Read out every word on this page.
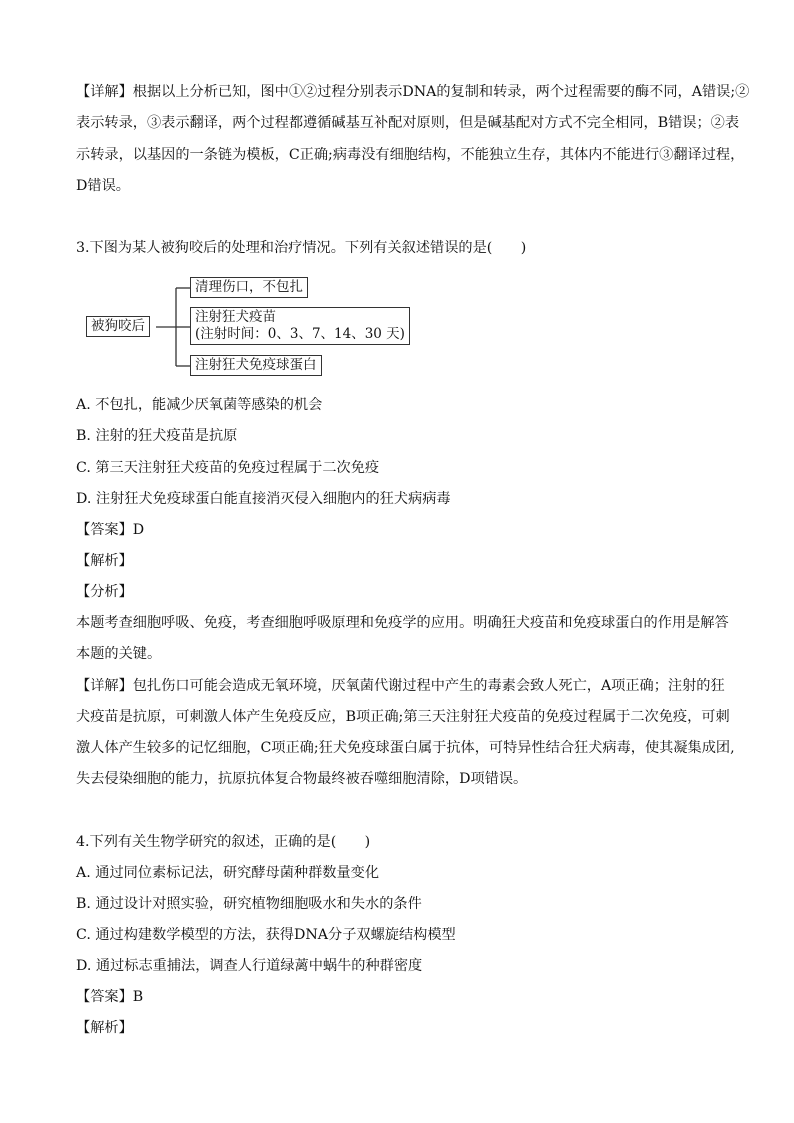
【详解】根据以上分析已知，图中①②过程分别表示DNA的复制和转录，两个过程需要的酶不同，A错误;②
表示转录，③表示翻译，两个过程都遵循碱基互补配对原则，但是碱基配对方式不完全相同，B错误；②表
示转录，以基因的一条链为模板，C正确;病毒没有细胞结构，不能独立生存，其体内不能进行③翻译过程，
D错误。
3.下图为某人被狗咬后的处理和治疗情况。下列有关叙述错误的是(　　)
被狗咬后
清理伤口，不包扎
注射狂犬疫苗
(注射时间：0、3、7、14、30 天)
注射狂犬免疫球蛋白
A. 不包扎，能减少厌氧菌等感染的机会
B. 注射的狂犬疫苗是抗原
C. 第三天注射狂犬疫苗的免疫过程属于二次免疫
D. 注射狂犬免疫球蛋白能直接消灭侵入细胞内的狂犬病病毒
【答案】D
【解析】
【分析】
本题考查细胞呼吸、免疫，考查细胞呼吸原理和免疫学的应用。明确狂犬疫苗和免疫球蛋白的作用是解答
本题的关键。
【详解】包扎伤口可能会造成无氧环境，厌氧菌代谢过程中产生的毒素会致人死亡，A项正确；注射的狂
犬疫苗是抗原，可刺激人体产生免疫反应，B项正确;第三天注射狂犬疫苗的免疫过程属于二次免疫，可刺
激人体产生较多的记忆细胞，C项正确;狂犬免疫球蛋白属于抗体，可特异性结合狂犬病毒，使其凝集成团,
失去侵染细胞的能力，抗原抗体复合物最终被吞噬细胞清除，D项错误。
4.下列有关生物学研究的叙述，正确的是(　　)
A. 通过同位素标记法，研究酵母菌种群数量变化
B. 通过设计对照实验，研究植物细胞吸水和失水的条件
C. 通过构建数学模型的方法，获得DNA分子双螺旋结构模型
D. 通过标志重捕法，调查人行道绿蓠中蜗牛的种群密度
【答案】B
【解析】
